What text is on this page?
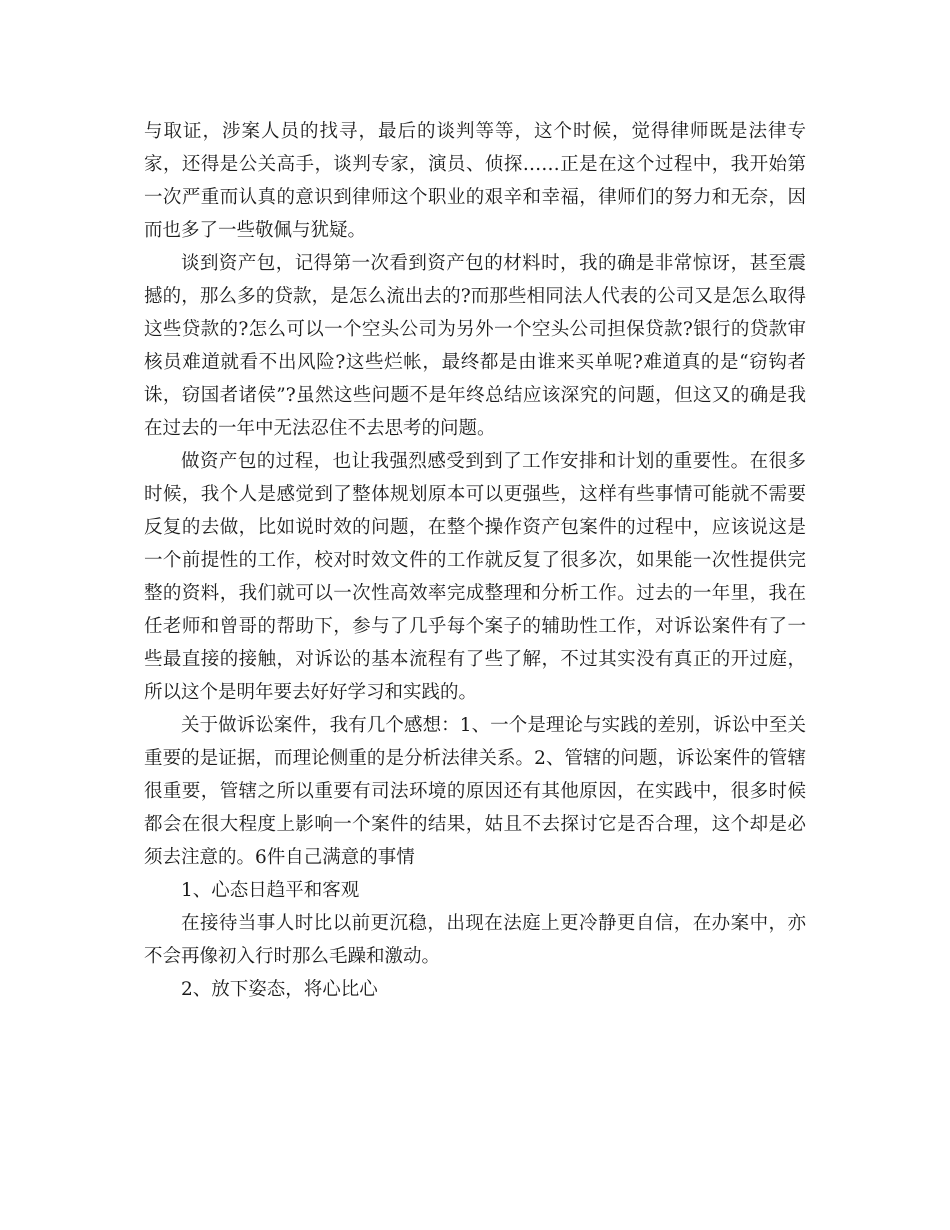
与取证，涉案人员的找寻，最后的谈判等等，这个时候，觉得律师既是法律专家，还得是公关高手，谈判专家，演员、侦探……正是在这个过程中，我开始第一次严重而认真的意识到律师这个职业的艰辛和幸福，律师们的努力和无奈，因而也多了一些敬佩与犹疑。

谈到资产包，记得第一次看到资产包的材料时，我的确是非常惊讶，甚至震撼的，那么多的贷款，是怎么流出去的?而那些相同法人代表的公司又是怎么取得这些贷款的?怎么可以一个空头公司为另外一个空头公司担保贷款?银行的贷款审核员难道就看不出风险?这些烂帐，最终都是由谁来买单呢?难道真的是“窃钩者诛，窃国者诸侯”?虽然这些问题不是年终总结应该深究的问题，但这又的确是我在过去的一年中无法忍住不去思考的问题。

做资产包的过程，也让我强烈感受到到了工作安排和计划的重要性。在很多时候，我个人是感觉到了整体规划原本可以更强些，这样有些事情可能就不需要反复的去做，比如说时效的问题，在整个操作资产包案件的过程中，应该说这是一个前提性的工作，校对时效文件的工作就反复了很多次，如果能一次性提供完整的资料，我们就可以一次性高效率完成整理和分析工作。过去的一年里，我在任老师和曾哥的帮助下，参与了几乎每个案子的辅助性工作，对诉讼案件有了一些最直接的接触，对诉讼的基本流程有了些了解，不过其实没有真正的开过庭，所以这个是明年要去好好学习和实践的。

关于做诉讼案件，我有几个感想：1、一个是理论与实践的差别，诉讼中至关重要的是证据，而理论侧重的是分析法律关系。2、管辖的问题，诉讼案件的管辖很重要，管辖之所以重要有司法环境的原因还有其他原因，在实践中，很多时候都会在很大程度上影响一个案件的结果，姑且不去探讨它是否合理，这个却是必须去注意的。6件自己满意的事情

1、心态日趋平和客观

在接待当事人时比以前更沉稳，出现在法庭上更冷静更自信，在办案中，亦不会再像初入行时那么毛躁和激动。

2、放下姿态，将心比心
